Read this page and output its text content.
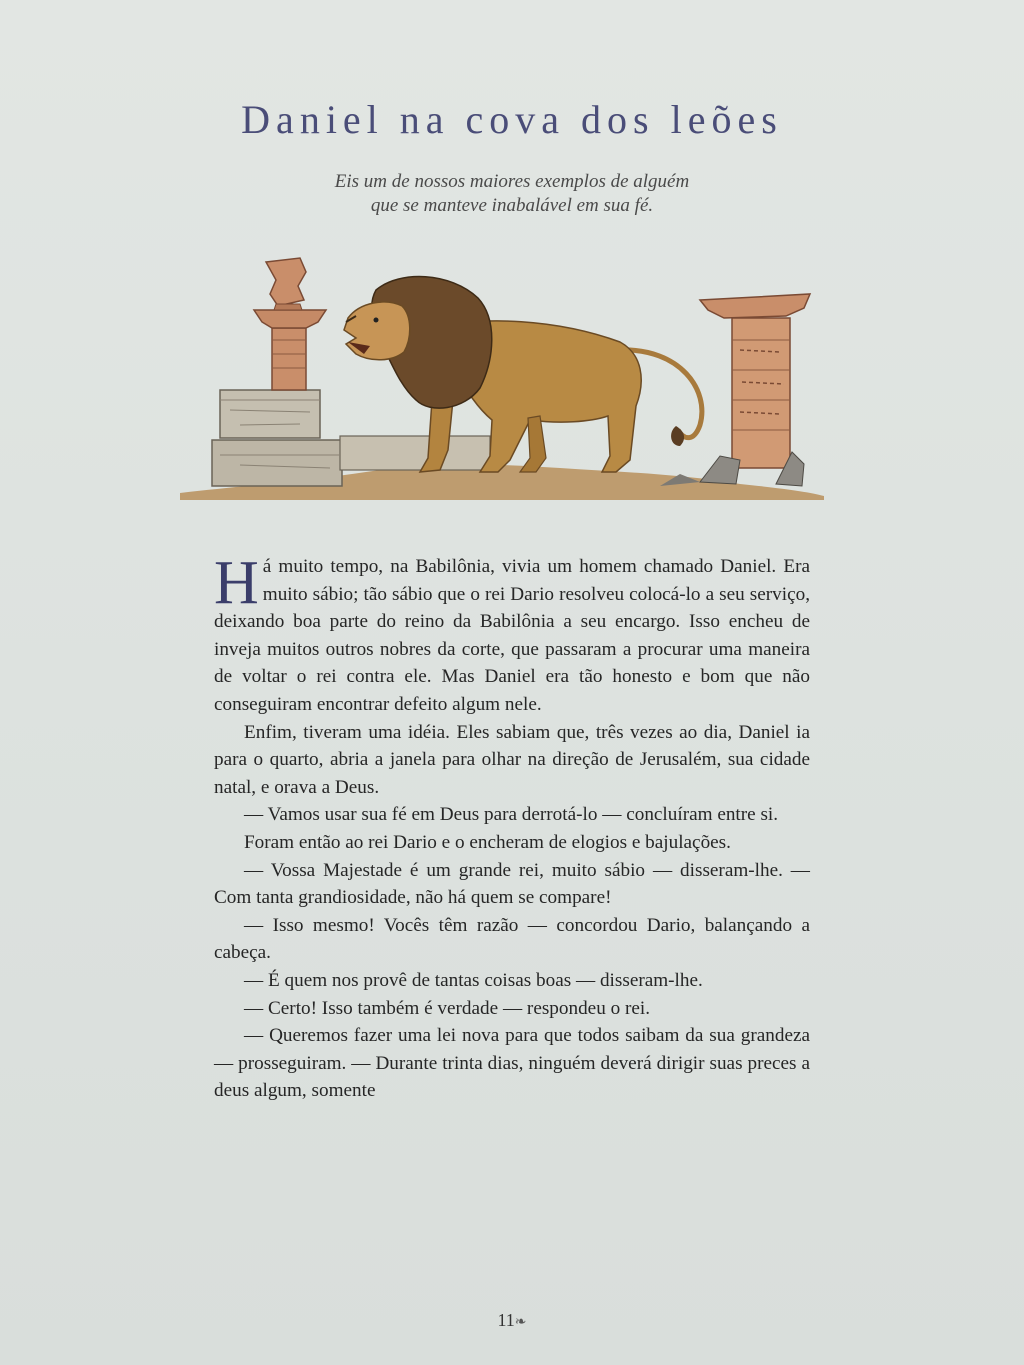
Daniel na cova dos leões
Eis um de nossos maiores exemplos de alguém
que se manteve inabalável em sua fé.

Há muito tempo, na Babilônia, vivia um homem chamado Daniel. Era muito sábio; tão sábio que o rei Dario resolveu colocá-lo a seu serviço, deixando boa parte do reino da Babilônia a seu encargo. Isso encheu de inveja muitos outros nobres da corte, que passaram a procurar uma maneira de voltar o rei contra ele. Mas Daniel era tão honesto e bom que não conseguiram encontrar defeito algum nele.

Enfim, tiveram uma idéia. Eles sabiam que, três vezes ao dia, Daniel ia para o quarto, abria a janela para olhar na direção de Jerusalém, sua cidade natal, e orava a Deus.

— Vamos usar sua fé em Deus para derrotá-lo — concluíram entre si.

Foram então ao rei Dario e o encheram de elogios e bajulações.

— Vossa Majestade é um grande rei, muito sábio — disseram-lhe. — Com tanta grandiosidade, não há quem se compare!

— Isso mesmo! Vocês têm razão — concordou Dario, balançando a cabeça.

— É quem nos provê de tantas coisas boas — disseram-lhe.

— Certo! Isso também é verdade — respondeu o rei.

— Queremos fazer uma lei nova para que todos saibam da sua grandeza — prosseguiram. — Durante trinta dias, ninguém deverá dirigir suas preces a deus algum, somente

11❧
